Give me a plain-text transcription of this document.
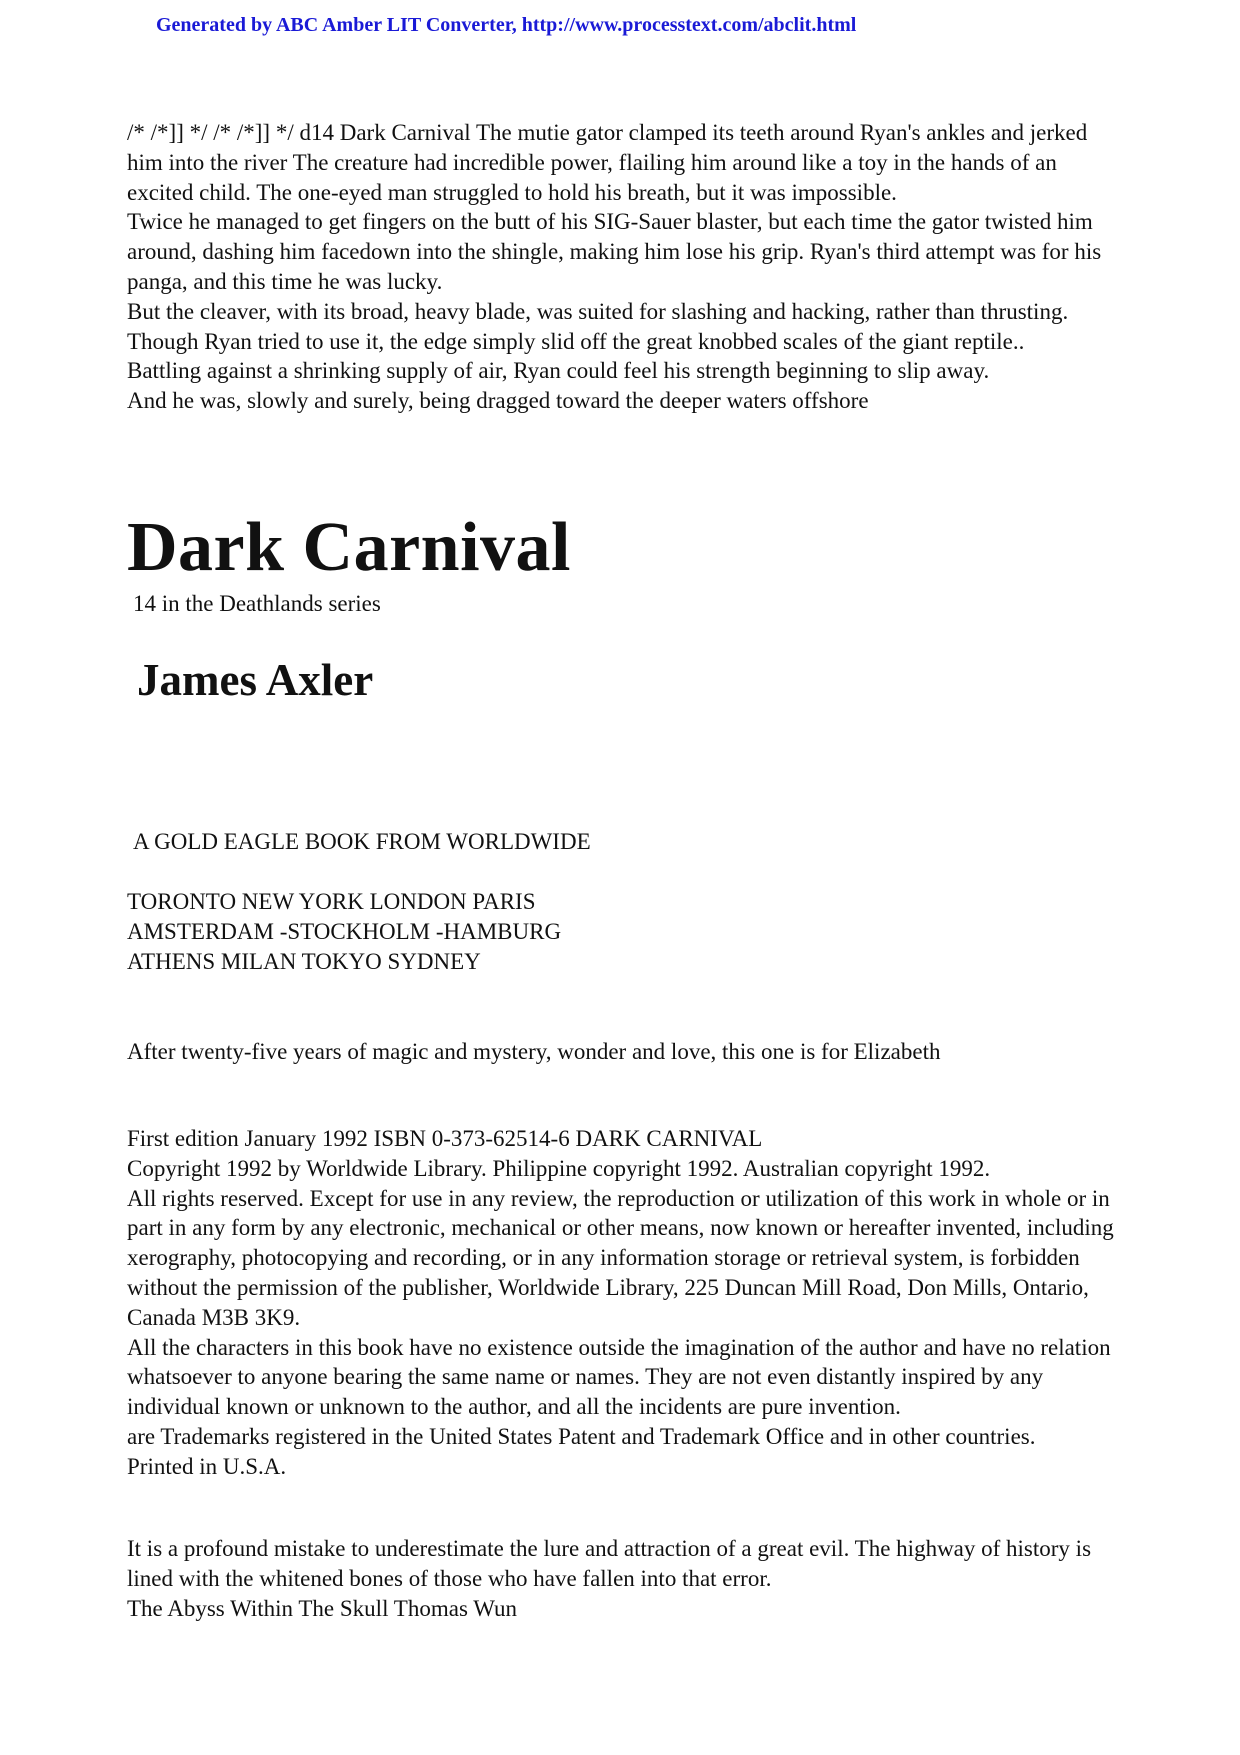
Generated by ABC Amber LIT Converter, http://www.processtext.com/abclit.html

/* /*]] */ /* /*]] */ d14 Dark Carnival The mutie gator clamped its teeth around Ryan's ankles and jerked him into the river The creature had incredible power, flailing him around like a toy in the hands of an excited child. The one-eyed man struggled to hold his breath, but it was impossible.

Twice he managed to get fingers on the butt of his SIG-Sauer blaster, but each time the gator twisted him around, dashing him facedown into the shingle, making him lose his grip. Ryan's third attempt was for his panga, and this time he was lucky.

But the cleaver, with its broad, heavy blade, was suited for slashing and hacking, rather than thrusting. Though Ryan tried to use it, the edge simply slid off the great knobbed scales of the giant reptile..

Battling against a shrinking supply of air, Ryan could feel his strength beginning to slip away.

And he was, slowly and surely, being dragged toward the deeper waters offshore

Dark Carnival
14 in the Deathlands series
James Axler
A GOLD EAGLE BOOK FROM WORLDWIDE

TORONTO NEW YORK LONDON PARIS

AMSTERDAM -STOCKHOLM -HAMBURG

ATHENS MILAN TOKYO SYDNEY

After twenty-five years of magic and mystery, wonder and love, this one is for Elizabeth

First edition January 1992 ISBN 0-373-62514-6 DARK CARNIVAL

Copyright 1992 by Worldwide Library. Philippine copyright 1992. Australian copyright 1992.

All rights reserved. Except for use in any review, the reproduction or utilization of this work in whole or in part in any form by any electronic, mechanical or other means, now known or hereafter invented, including xerography, photocopying and recording, or in any information storage or retrieval system, is forbidden without the permission of the publisher, Worldwide Library, 225 Duncan Mill Road, Don Mills, Ontario, Canada M3B 3K9.

All the characters in this book have no existence outside the imagination of the author and have no relation whatsoever to anyone bearing the same name or names. They are not even distantly inspired by any individual known or unknown to the author, and all the incidents are pure invention.

are Trademarks registered in the United States Patent and Trademark Office and in other countries.

Printed in U.S.A.

It is a profound mistake to underestimate the lure and attraction of a great evil. The highway of history is lined with the whitened bones of those who have fallen into that error.

The Abyss Within The Skull Thomas Wun
